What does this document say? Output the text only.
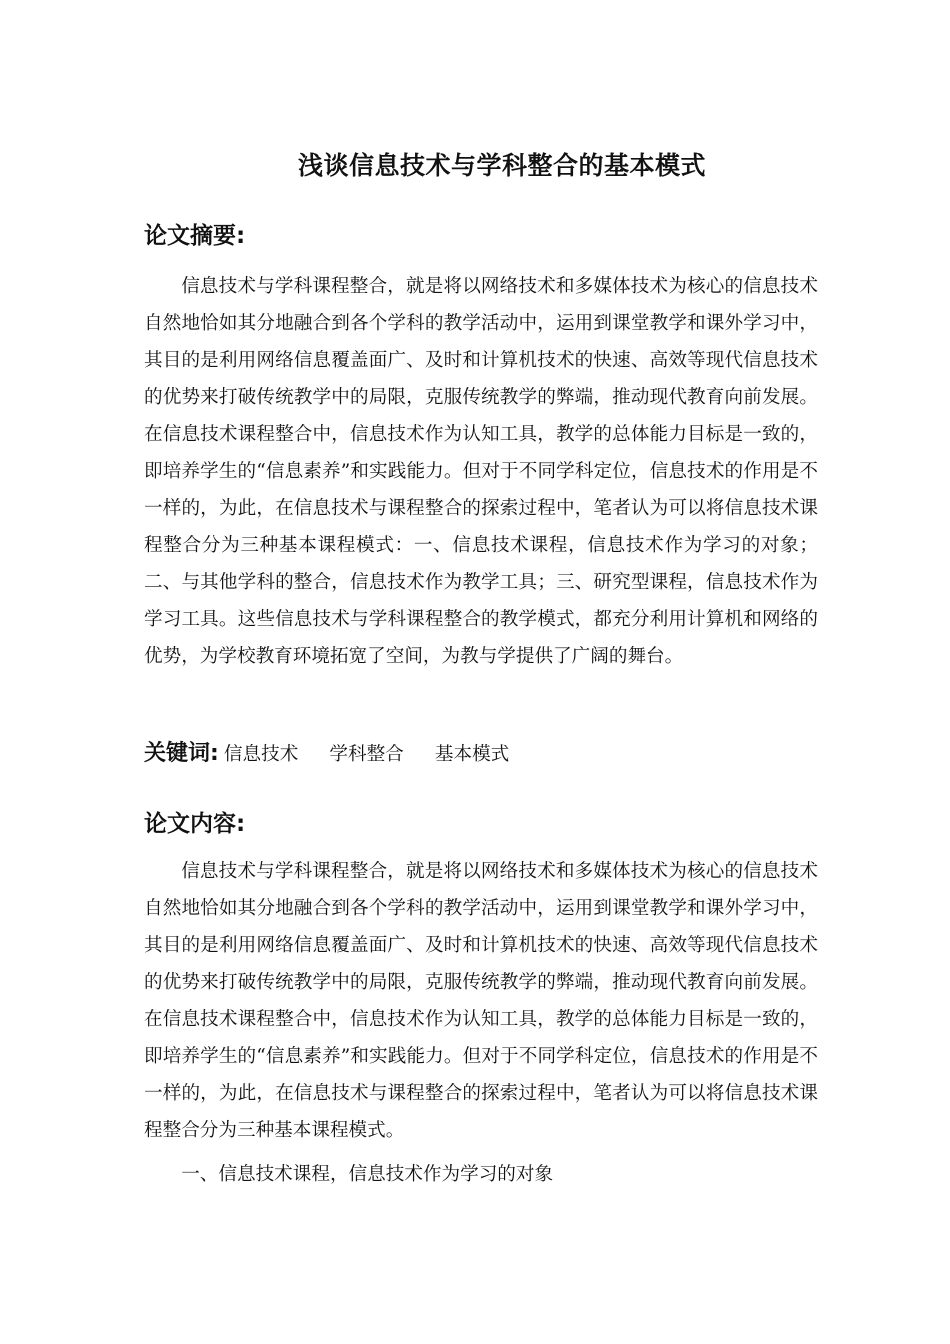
浅谈信息技术与学科整合的基本模式
论文摘要:

信息技术与学科课程整合，就是将以网络技术和多媒体技术为核心的信息技术自然地恰如其分地融合到各个学科的教学活动中，运用到课堂教学和课外学习中，其目的是利用网络信息覆盖面广、及时和计算机技术的快速、高效等现代信息技术的优势来打破传统教学中的局限，克服传统教学的弊端，推动现代教育向前发展。在信息技术课程整合中，信息技术作为认知工具，教学的总体能力目标是一致的，即培养学生的“信息素养”和实践能力。但对于不同学科定位，信息技术的作用是不一样的，为此，在信息技术与课程整合的探索过程中，笔者认为可以将信息技术课程整合分为三种基本课程模式：一、信息技术课程，信息技术作为学习的对象；二、与其他学科的整合，信息技术作为教学工具；三、研究型课程，信息技术作为学习工具。这些信息技术与学科课程整合的教学模式，都充分利用计算机和网络的优势，为学校教育环境拓宽了空间，为教与学提供了广阔的舞台。

关键词: 信息技术 学科整合 基本模式
论文内容:

信息技术与学科课程整合，就是将以网络技术和多媒体技术为核心的信息技术自然地恰如其分地融合到各个学科的教学活动中，运用到课堂教学和课外学习中，其目的是利用网络信息覆盖面广、及时和计算机技术的快速、高效等现代信息技术的优势来打破传统教学中的局限，克服传统教学的弊端，推动现代教育向前发展。在信息技术课程整合中，信息技术作为认知工具，教学的总体能力目标是一致的，即培养学生的“信息素养”和实践能力。但对于不同学科定位，信息技术的作用是不一样的，为此，在信息技术与课程整合的探索过程中，笔者认为可以将信息技术课程整合分为三种基本课程模式。

一、信息技术课程，信息技术作为学习的对象
